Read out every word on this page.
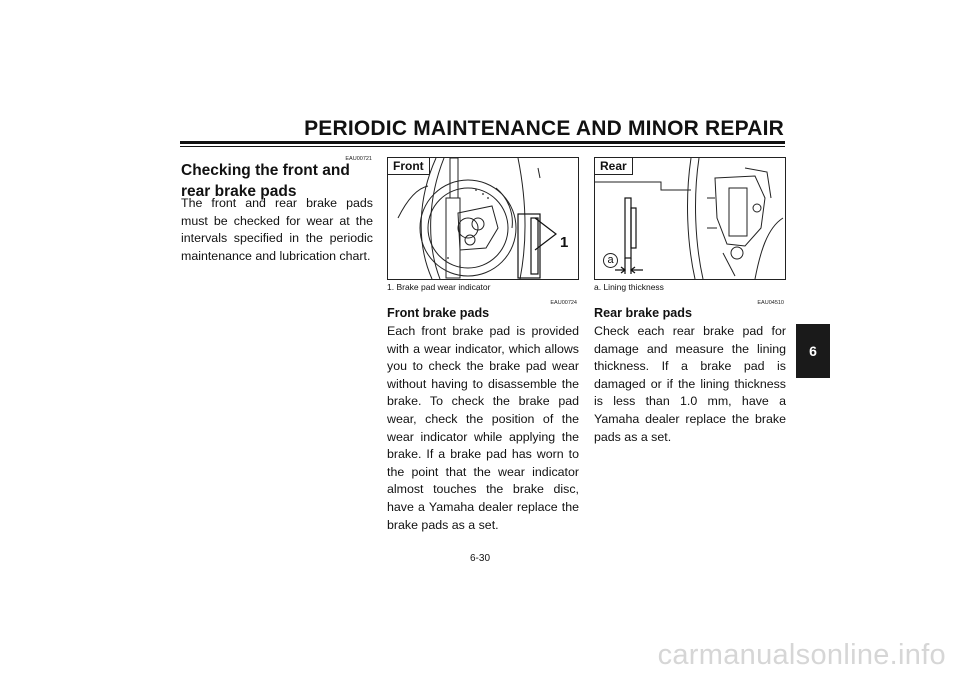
PERIODIC MAINTENANCE AND MINOR REPAIR
EAU00721
Checking the front and rear brake pads
The front and rear brake pads must be checked for wear at the intervals specified in the periodic maintenance and lubrication chart.
Front
1
1. Brake pad wear indicator
Rear
a
a. Lining thickness
EAU00724
Front brake pads
Each front brake pad is provided with a wear indicator, which allows you to check the brake pad wear without having to disassemble the brake. To check the brake pad wear, check the position of the wear indicator while applying the brake. If a brake pad has worn to the point that the wear indicator almost touches the brake disc, have a Yamaha dealer replace the brake pads as a set.
EAU04510
Rear brake pads
Check each rear brake pad for damage and measure the lining thickness. If a brake pad is damaged or if the lining thickness is less than 1.0 mm, have a Yamaha dealer replace the brake pads as a set.
6
6-30
carmanualsonline.info
